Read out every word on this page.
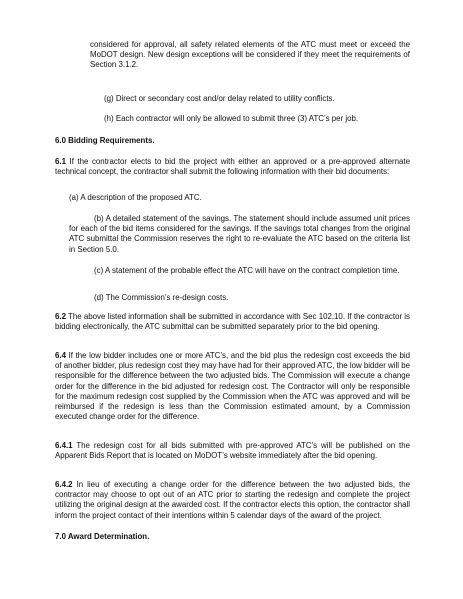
considered for approval, all safety related elements of the ATC must meet or exceed the MoDOT design. New design exceptions will be considered if they meet the requirements of Section 3.1.2.

(g) Direct or secondary cost and/or delay related to utility conflicts.

(h) Each contractor will only be allowed to submit three (3) ATC’s per job.

6.0 Bidding Requirements.

6.1 If the contractor elects to bid the project with either an approved or a pre-approved alternate technical concept, the contractor shall submit the following information with their bid documents:

(a) A description of the proposed ATC.

(b) A detailed statement of the savings. The statement should include assumed unit prices for each of the bid items considered for the savings. If the savings total changes from the original ATC submittal the Commission reserves the right to re-evaluate the ATC based on the criteria list in Section 5.0.

(c) A statement of the probable effect the ATC will have on the contract completion time.

(d) The Commission’s re-design costs.

6.2 The above listed information shall be submitted in accordance with Sec 102.10. If the contractor is bidding electronically, the ATC submittal can be submitted separately prior to the bid opening.

6.4 If the low bidder includes one or more ATC’s, and the bid plus the redesign cost exceeds the bid of another bidder, plus redesign cost they may have had for their approved ATC, the low bidder will be responsible for the difference between the two adjusted bids. The Commission will execute a change order for the difference in the bid adjusted for redesign cost. The Contractor will only be responsible for the maximum redesign cost supplied by the Commission when the ATC was approved and will be reimbursed if the redesign is less than the Commission estimated amount, by a Commission executed change order for the difference.

6.4.1 The redesign cost for all bids submitted with pre-approved ATC’s will be published on the Apparent Bids Report that is located on MoDOT’s website immediately after the bid opening.

6.4.2 In lieu of executing a change order for the difference between the two adjusted bids, the contractor may choose to opt out of an ATC prior to starting the redesign and complete the project utilizing the original design at the awarded cost. If the contractor elects this option, the contractor shall inform the project contact of their intentions within 5 calendar days of the award of the project.

7.0 Award Determination.
